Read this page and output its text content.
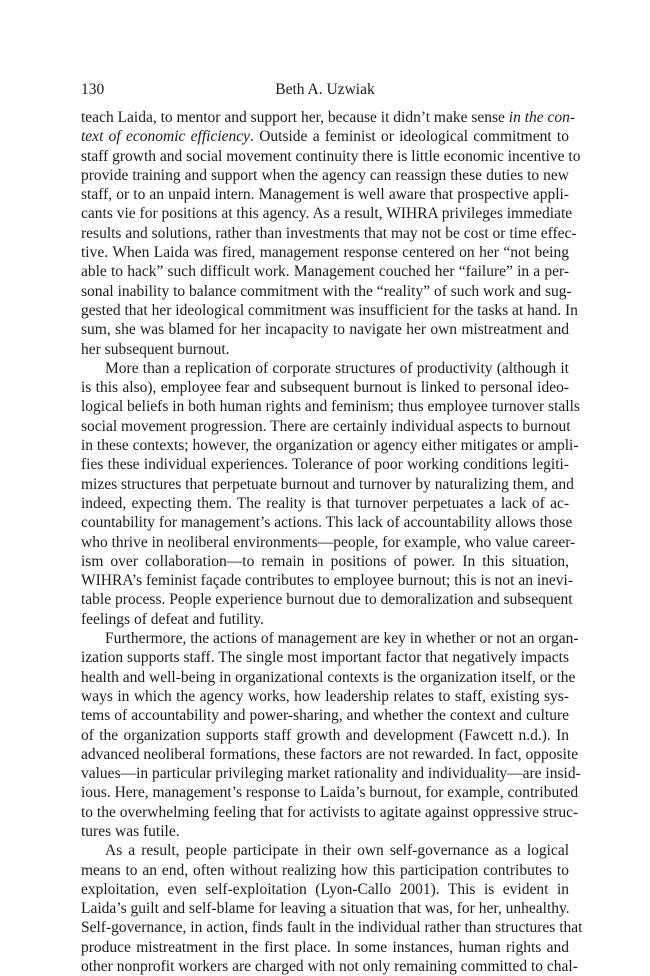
130	Beth A. Uzwiak
teach Laida, to mentor and support her, because it didn’t make sense in the con-
text of economic efficiency. Outside a feminist or ideological commitment to
staff growth and social movement continuity there is little economic incentive to
provide training and support when the agency can reassign these duties to new
staff, or to an unpaid intern. Management is well aware that prospective appli-
cants vie for positions at this agency. As a result, WIHRA privileges immediate
results and solutions, rather than investments that may not be cost or time effec-
tive. When Laida was fired, management response centered on her “not being
able to hack” such difficult work. Management couched her “failure” in a per-
sonal inability to balance commitment with the “reality” of such work and sug-
gested that her ideological commitment was insufficient for the tasks at hand. In
sum, she was blamed for her incapacity to navigate her own mistreatment and
her subsequent burnout.
More than a replication of corporate structures of productivity (although it
is this also), employee fear and subsequent burnout is linked to personal ideo-
logical beliefs in both human rights and feminism; thus employee turnover stalls
social movement progression. There are certainly individual aspects to burnout
in these contexts; however, the organization or agency either mitigates or ampli-
fies these individual experiences. Tolerance of poor working conditions legiti-
mizes structures that perpetuate burnout and turnover by naturalizing them, and
indeed, expecting them. The reality is that turnover perpetuates a lack of ac-
countability for management’s actions. This lack of accountability allows those
who thrive in neoliberal environments—people, for example, who value career-
ism over collaboration—to remain in positions of power. In this situation,
WIHRA’s feminist façade contributes to employee burnout; this is not an inevi-
table process. People experience burnout due to demoralization and subsequent
feelings of defeat and futility.
Furthermore, the actions of management are key in whether or not an organ-
ization supports staff. The single most important factor that negatively impacts
health and well-being in organizational contexts is the organization itself, or the
ways in which the agency works, how leadership relates to staff, existing sys-
tems of accountability and power-sharing, and whether the context and culture
of the organization supports staff growth and development (Fawcett n.d.). In
advanced neoliberal formations, these factors are not rewarded. In fact, opposite
values—in particular privileging market rationality and individuality—are insid-
ious. Here, management’s response to Laida’s burnout, for example, contributed
to the overwhelming feeling that for activists to agitate against oppressive struc-
tures was futile.
As a result, people participate in their own self-governance as a logical
means to an end, often without realizing how this participation contributes to
exploitation, even self-exploitation (Lyon-Callo 2001). This is evident in
Laida’s guilt and self-blame for leaving a situation that was, for her, unhealthy.
Self-governance, in action, finds fault in the individual rather than structures that
produce mistreatment in the first place. In some instances, human rights and
other nonprofit workers are charged with not only remaining committed to chal-
